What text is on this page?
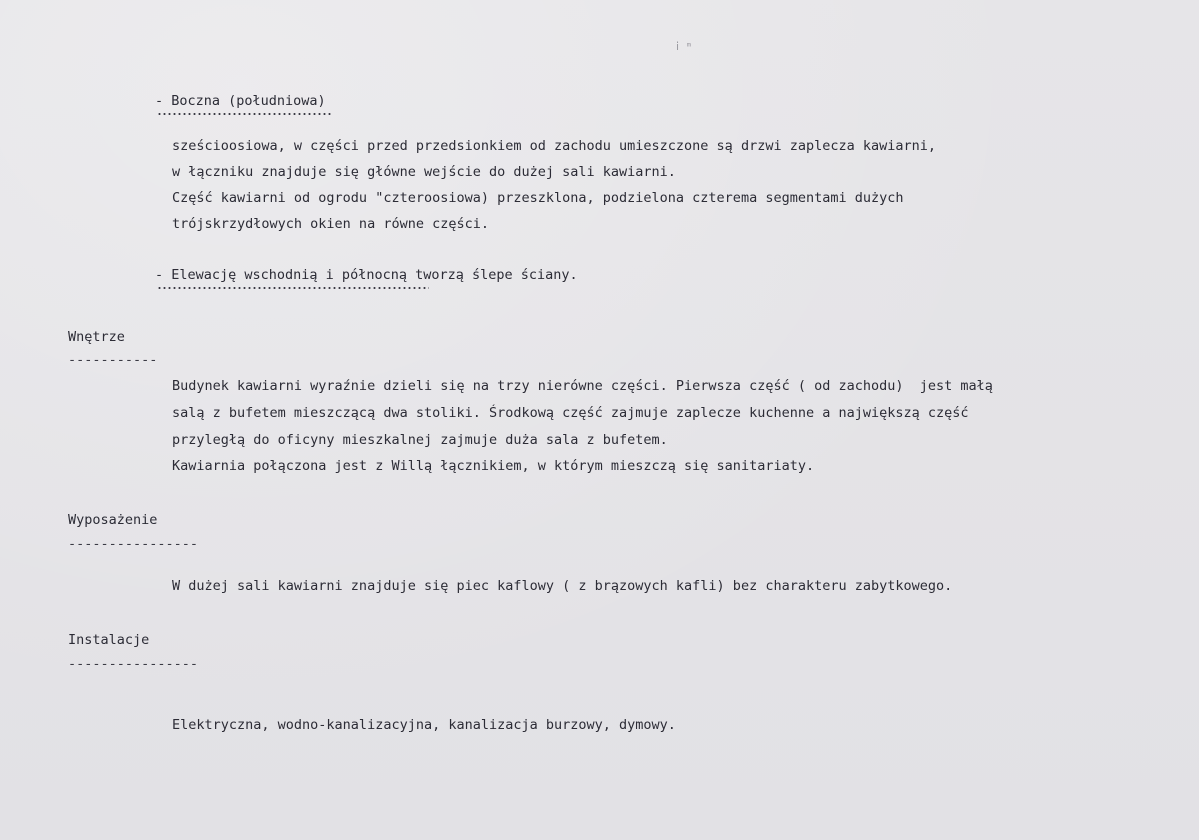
ⅰ ᵐ
- Boczna (południowa)
sześcioosiowa, w części przed przedsionkiem od zachodu umieszczone są drzwi zaplecza kawiarni,
w łączniku znajduje się główne wejście do dużej sali kawiarni.
Część kawiarni od ogrodu "czteroosiowa) przeszklona, podzielona czterema segmentami dużych
trójskrzydłowych okien na równe części.
- Elewację wschodnią i północną tworzą ślepe ściany.
Wnętrze
-----------
Budynek kawiarni wyraźnie dzieli się na trzy nierówne części. Pierwsza część ( od zachodu)  jest małą
salą z bufetem mieszczącą dwa stoliki. Środkową część zajmuje zaplecze kuchenne a największą część
przyległą do oficyny mieszkalnej zajmuje duża sala z bufetem.
Kawiarnia połączona jest z Willą łącznikiem, w którym mieszczą się sanitariaty.
Wyposażenie
----------------
W dużej sali kawiarni znajduje się piec kaflowy ( z brązowych kafli) bez charakteru zabytkowego.
Instalacje
----------------
Elektryczna, wodno-kanalizacyjna, kanalizacja burzowy, dymowy.
